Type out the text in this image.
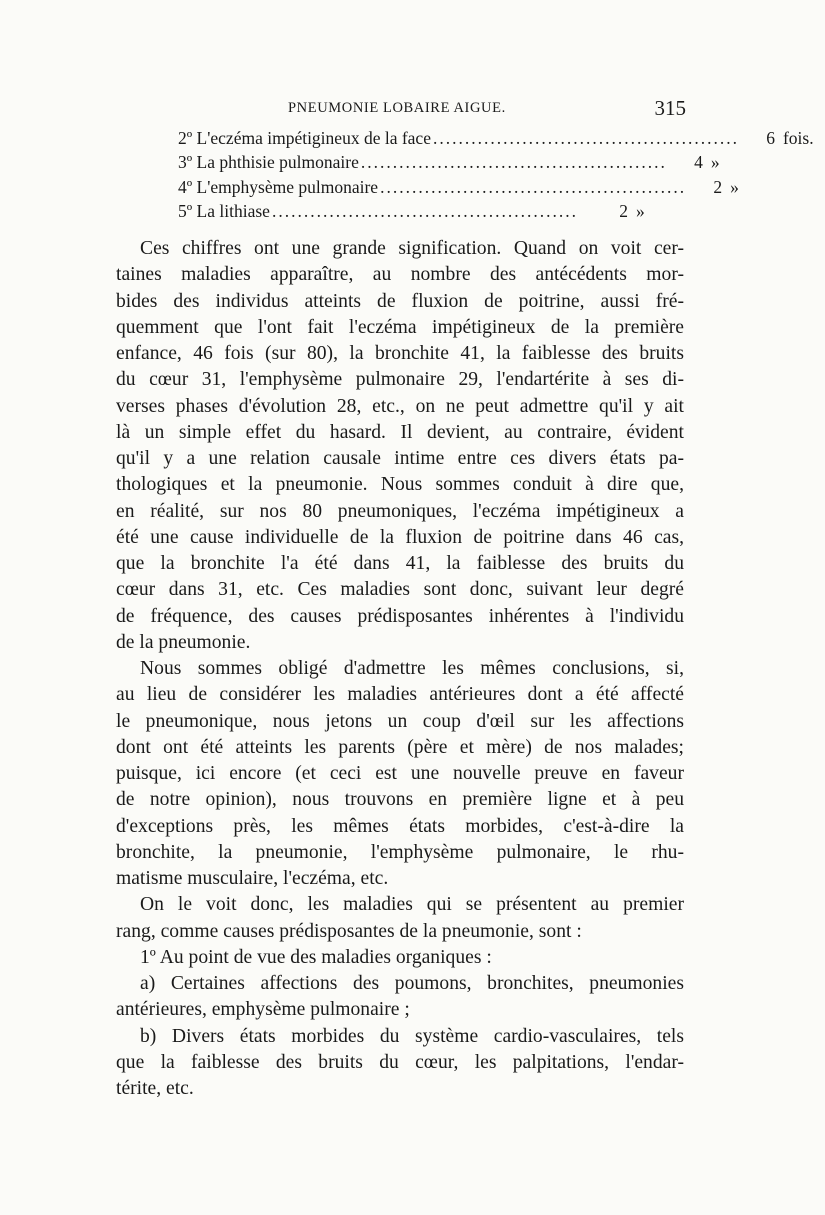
PNEUMONIE LOBAIRE AIGUE.	315
2º L'eczéma impétigineux de la face ................................................	6 fois.
3º La phthisie pulmonaire ................................................	4 »
4º L'emphysème pulmonaire ................................................	2 »
5º La lithiase ................................................	2 »

Ces chiffres ont une grande signification. Quand on voit cer-
taines maladies apparaître, au nombre des antécédents mor-
bides des individus atteints de fluxion de poitrine, aussi fré-
quemment que l'ont fait l'eczéma impétigineux de la première
enfance, 46 fois (sur 80), la bronchite 41, la faiblesse des bruits
du cœur 31, l'emphysème pulmonaire 29, l'endartérite à ses di-
verses phases d'évolution 28, etc., on ne peut admettre qu'il y ait
là un simple effet du hasard. Il devient, au contraire, évident
qu'il y a une relation causale intime entre ces divers états pa-
thologiques et la pneumonie. Nous sommes conduit à dire que,
en réalité, sur nos 80 pneumoniques, l'eczéma impétigineux a
été une cause individuelle de la fluxion de poitrine dans 46 cas,
que la bronchite l'a été dans 41, la faiblesse des bruits du
cœur dans 31, etc. Ces maladies sont donc, suivant leur degré
de fréquence, des causes prédisposantes inhérentes à l'individu
de la pneumonie.

Nous sommes obligé d'admettre les mêmes conclusions, si,
au lieu de considérer les maladies antérieures dont a été affecté
le pneumonique, nous jetons un coup d'œil sur les affections
dont ont été atteints les parents (père et mère) de nos malades;
puisque, ici encore (et ceci est une nouvelle preuve en faveur
de notre opinion), nous trouvons en première ligne et à peu
d'exceptions près, les mêmes états morbides, c'est-à-dire la
bronchite, la pneumonie, l'emphysème pulmonaire, le rhu-
matisme musculaire, l'eczéma, etc.

On le voit donc, les maladies qui se présentent au premier
rang, comme causes prédisposantes de la pneumonie, sont :

1º Au point de vue des maladies organiques :

a) Certaines affections des poumons, bronchites, pneumonies
antérieures, emphysème pulmonaire ;

b) Divers états morbides du système cardio-vasculaires, tels
que la faiblesse des bruits du cœur, les palpitations, l'endar-
térite, etc.
